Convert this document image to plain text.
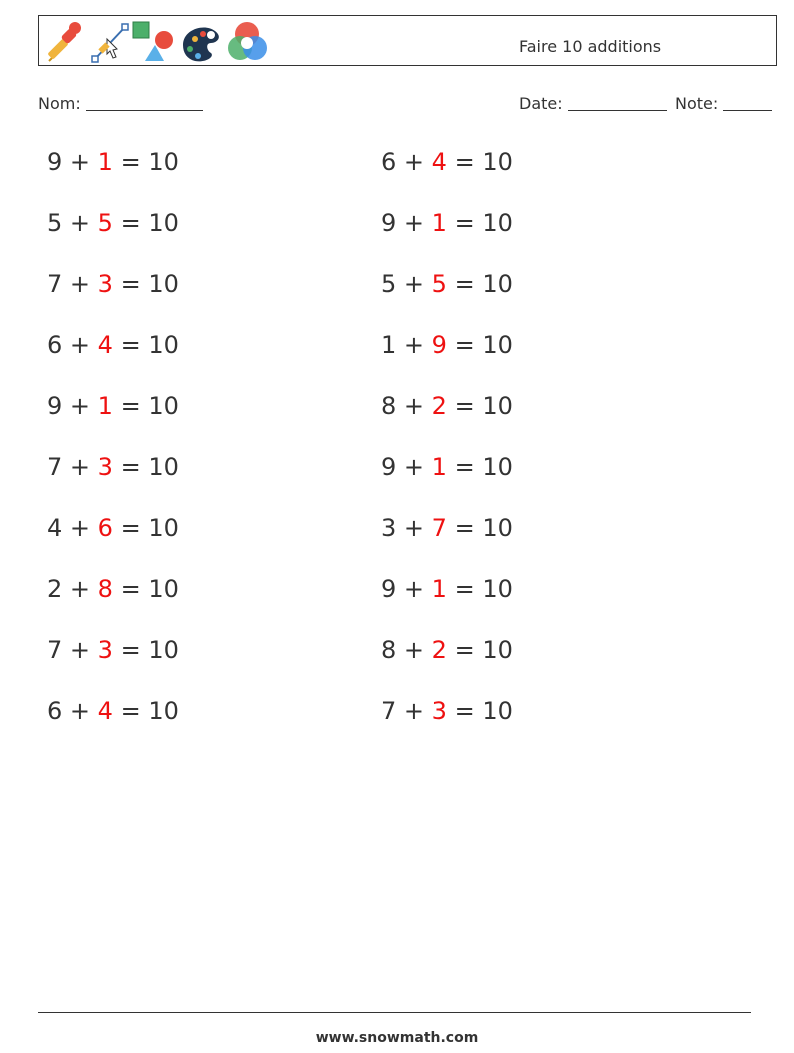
Faire 10 additions
Nom:	Date:	Note:
9 + 1 = 10
5 + 5 = 10
7 + 3 = 10
6 + 4 = 10
9 + 1 = 10
7 + 3 = 10
4 + 6 = 10
2 + 8 = 10
7 + 3 = 10
6 + 4 = 10
6 + 4 = 10
9 + 1 = 10
5 + 5 = 10
1 + 9 = 10
8 + 2 = 10
9 + 1 = 10
3 + 7 = 10
9 + 1 = 10
8 + 2 = 10
7 + 3 = 10
www.snowmath.com
